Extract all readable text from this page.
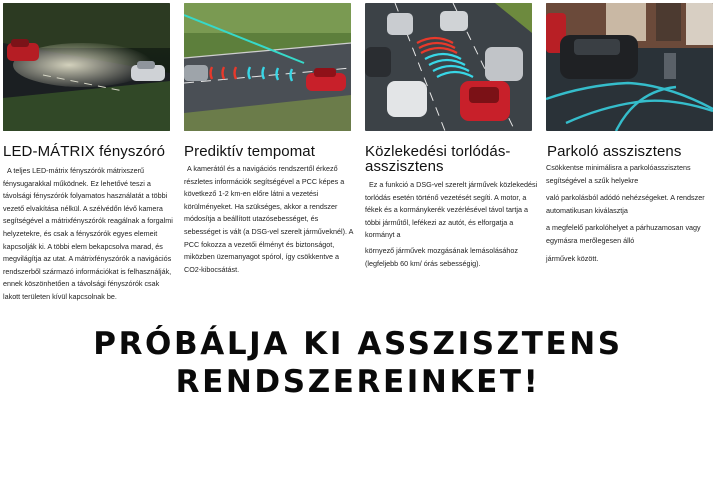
LED-MÁTRIX fényszóró

A teljes LED-mátrix fényszórók mátrixszerű fénysugarakkal működnek. Ez lehetővé teszi a távolsági fényszórók folyamatos használatát a többi vezető elvakítása nélkül. A szélvédőn lévő kamera segítségével a mátrixfényszórók reagálnak a forgalmi helyzetekre, és csak a fényszórók egyes elemeit kapcsolják ki. A többi elem bekapcsolva marad, és megvilágítja az utat. A mátrixfényszórók a navigációs rendszerből származó információkat is felhasználják, ennek köszönhetően a távolsági fényszórók csak lakott területen kívül kapcsolnak be.

Prediktív tempomat

A kamerától és a navigációs rendszertől érkező részletes információk segítségével a PCC képes a következő 1-2 km-en előre látni a vezetési körülményeket. Ha szükséges, akkor a rendszer módosítja a beállított utazósebességet, és sebességet is vált (a DSG-vel szerelt járműveknél). A PCC fokozza a vezetői élményt és biztonságot, miközben üzemanyagot spórol, így csökkentve a CO2-kibocsátást.

Közlekedési torlódás-
asszisztens

Ez a funkció a DSG-vel szerelt járművek közlekedési torlódás esetén történő vezetését segíti. A motor, a fékek és a kormánykerék vezérlésével távol tartja a többi járműtől, lefékezi az autót, és elforgatja a kormányt a

környező járművek mozgásának lemásolásához (legfeljebb 60 km/ órás sebességig).

Parkoló asszisztens

Csökkentse minimálisra a parkolóasszisztens segítségével a szűk helyekre

való parkolásból adódó nehézségeket. A rendszer automatikusan kiválasztja

a megfelelő parkolóhelyet a párhuzamosan vagy egymásra merőlegesen álló

járművek között.

PRÓBÁLJA KI ASSZISZTENS
RENDSZEREINKET!
